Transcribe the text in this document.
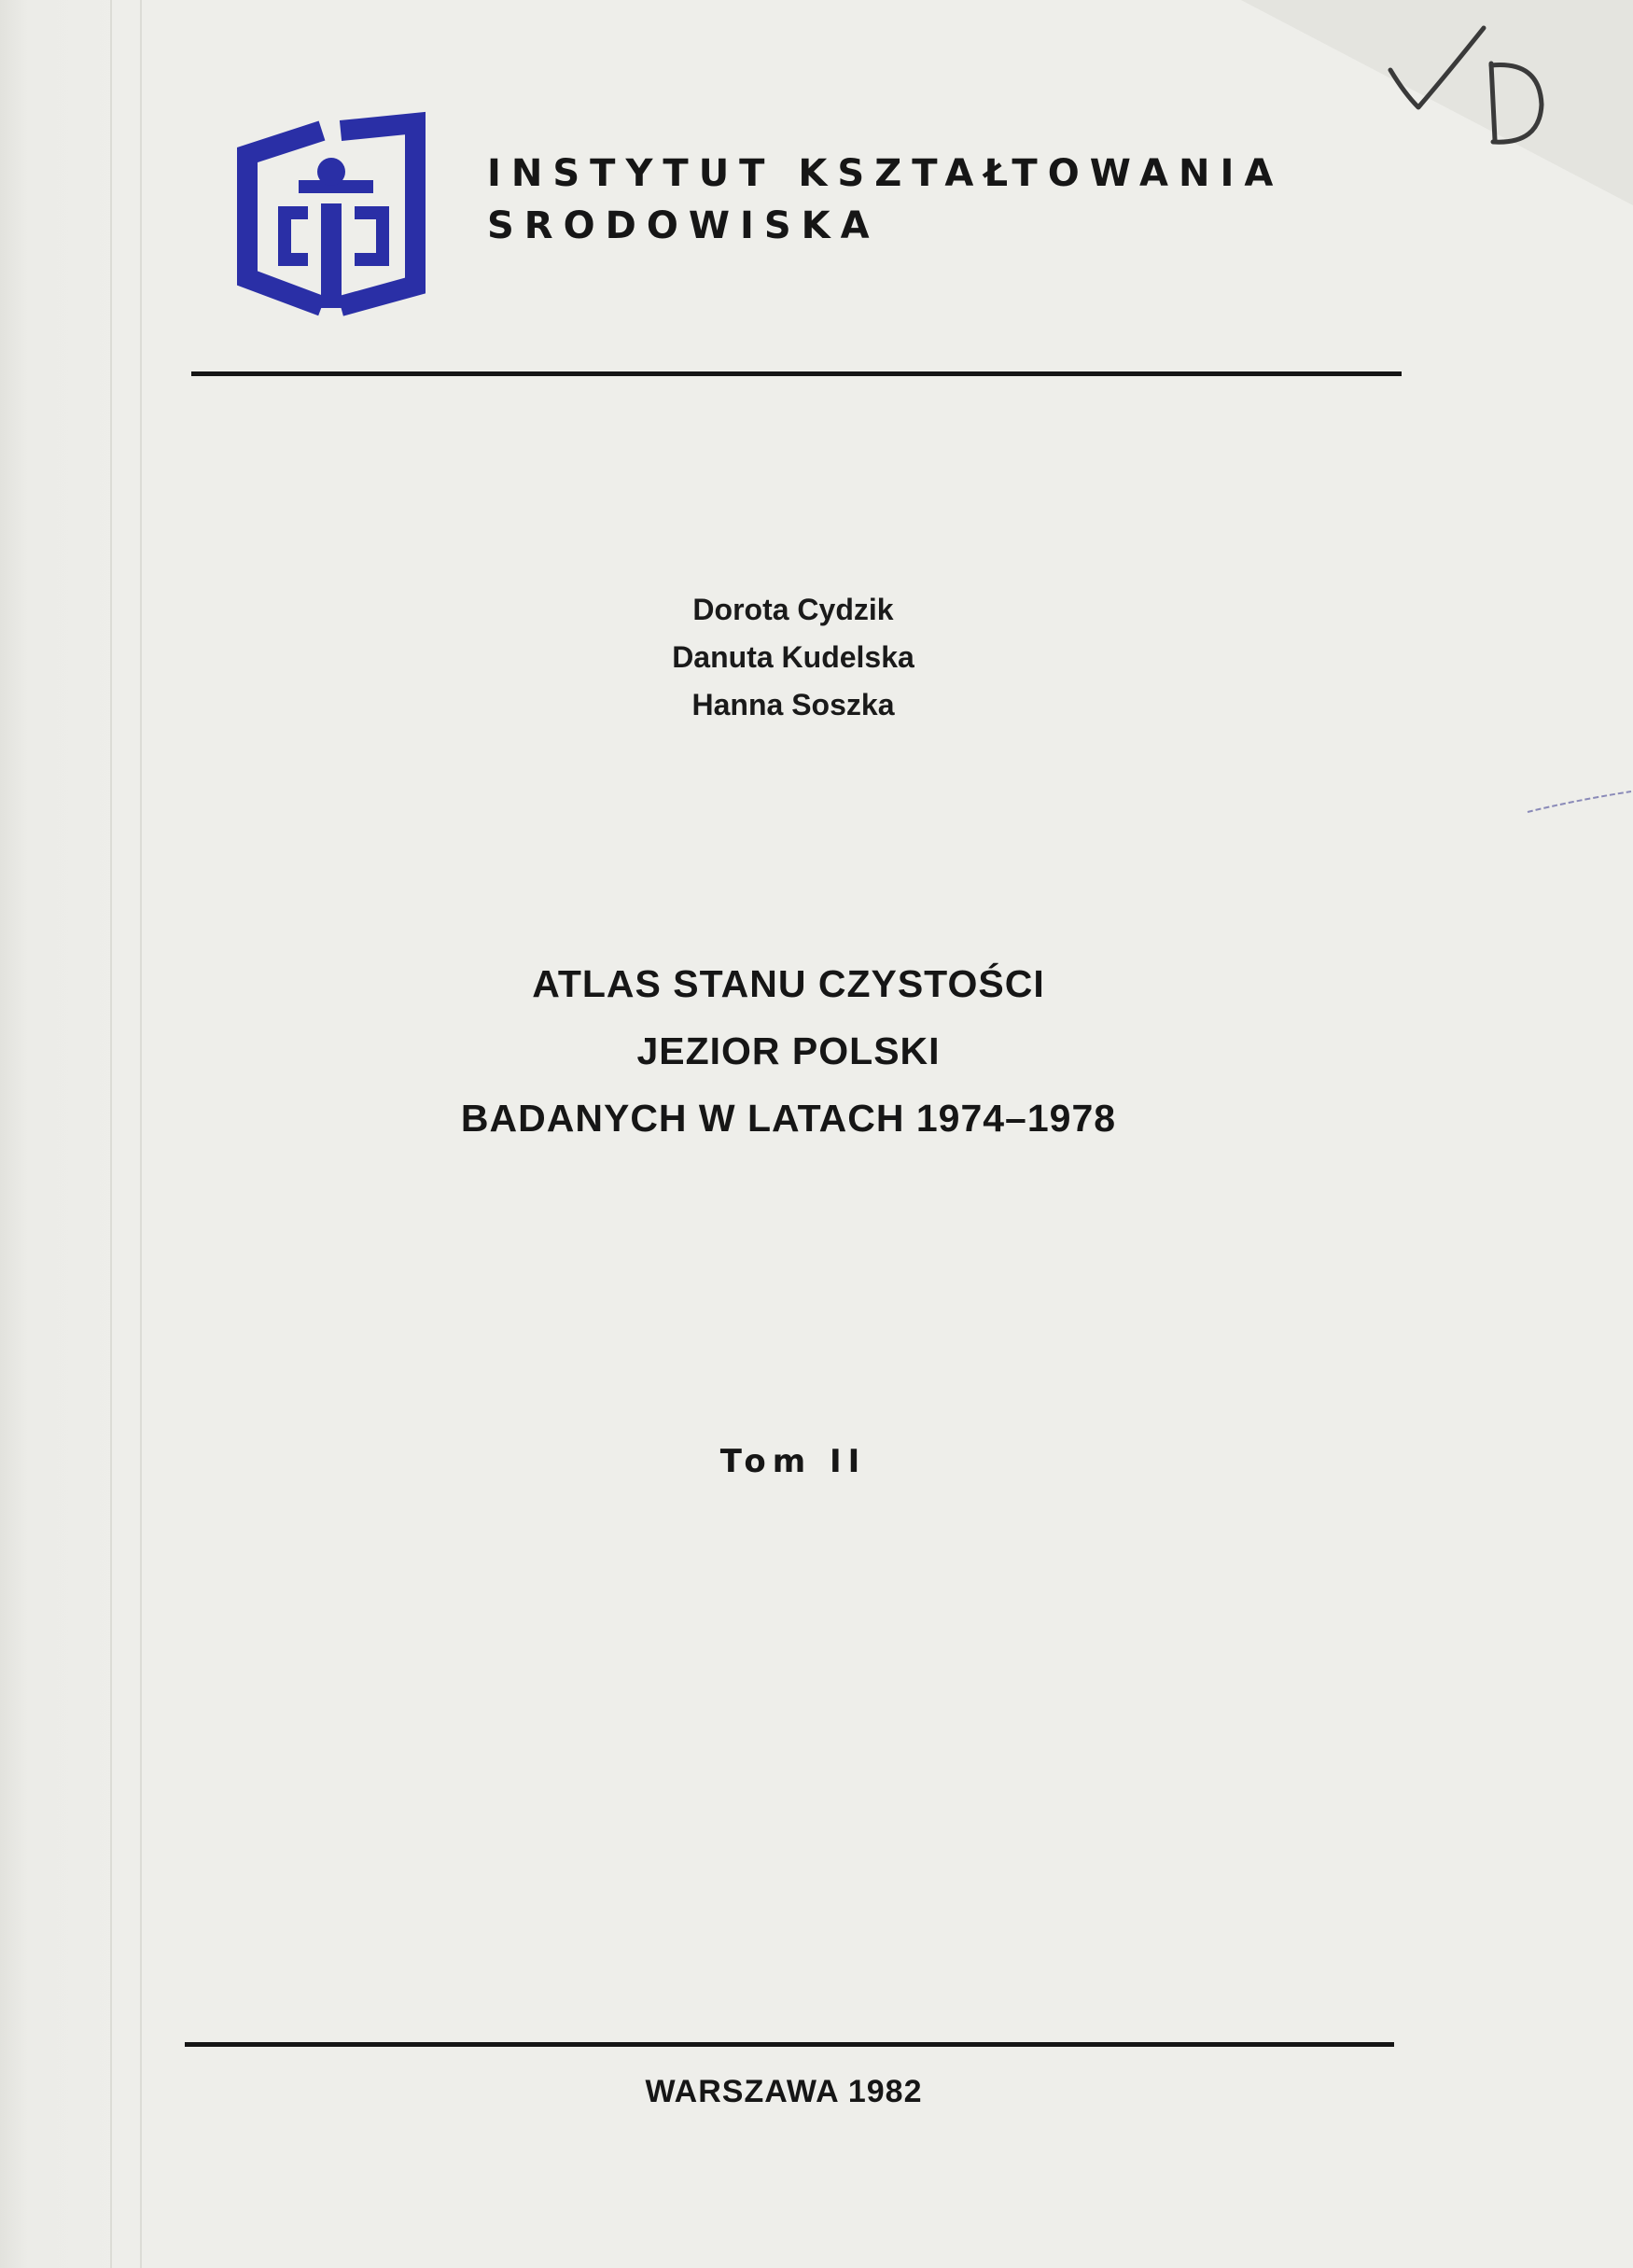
INSTYTUT KSZTAŁTOWANIA
SRODOWISKA
Dorota Cydzik
Danuta Kudelska
Hanna Soszka
ATLAS STANU CZYSTOŚCI
JEZIOR POLSKI
BADANYCH W LATACH 1974–1978
Tom II
WARSZAWA 1982
